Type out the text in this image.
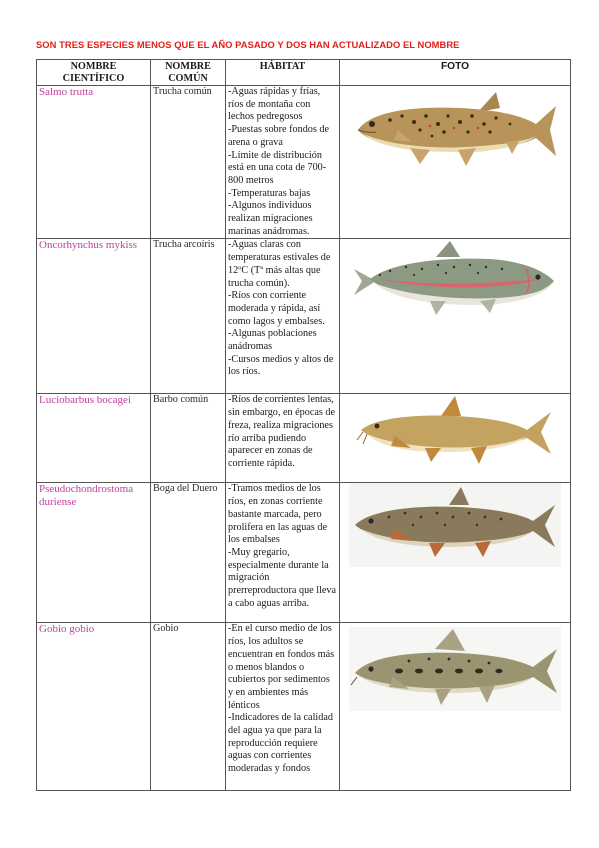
SON TRES ESPECIES MENOS QUE EL AÑO PASADO Y DOS HAN ACTUALIZADO EL NOMBRE
NOMBRE CIENTÍFICO	NOMBRE COMÚN	HÁBITAT	FOTO
Salmo trutta	Trucha común	-Aguas rápidas y frías, ríos de montaña con lechos pedregosos
-Puestas sobre fondos de arena o grava
-Límite de distribución está en una cota de 700-800 metros
-Temperaturas bajas
-Algunos individuos realizan migraciones marinas anádromas.

Oncorhynchus mykiss	Trucha arcoíris	-Aguas claras con temperaturas estivales de 12ºC (Tª más altas que trucha común).
-Ríos con corriente moderada y rápida, así como lagos y embalses.
-Algunas poblaciones anádromas
-Cursos medios y altos de los ríos.

Luciobarbus bocagei	Barbo común	-Ríos de corrientes lentas, sin embargo, en épocas de freza, realiza migraciones río arriba pudiendo aparecer en zonas de corriente rápida.

Pseudochondrostoma duriense	Boga del Duero	-Tramos medios de los ríos, en zonas corriente bastante marcada, pero prolifera en las aguas de los embalses
-Muy gregario, especialmente durante la migración prerreproductora que lleva a cabo aguas arriba.

Gobio gobio	Gobio	-En el curso medio de los ríos, los adultos se encuentran en fondos más o menos blandos o cubiertos por sedimentos y en ambientes más lénticos
-Indicadores de la calidad del agua ya que para la reproducción requiere aguas con corrientes moderadas y fondos
